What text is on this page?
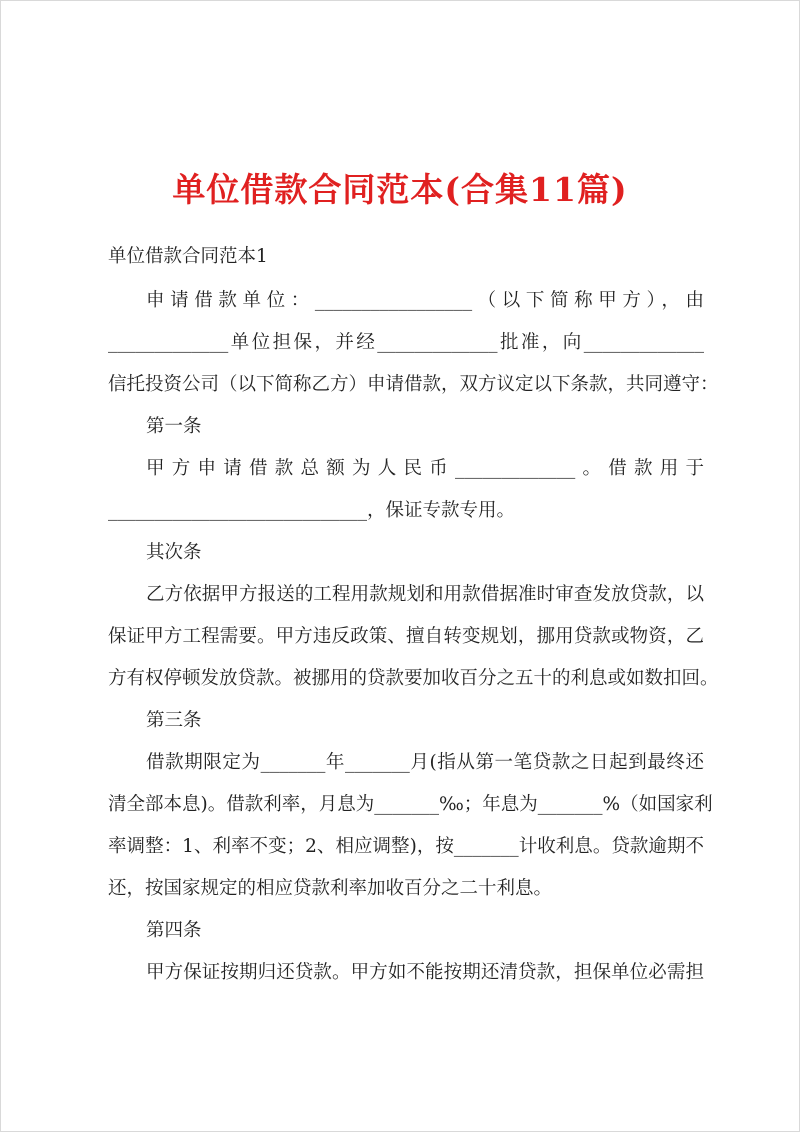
单位借款合同范本(合集11篇)
单位借款合同范本1
申请借款单位：_________________（以下简称甲方），由
_____________单位担保，并经_____________批准，向_____________
信托投资公司（以下简称乙方）申请借款，双方议定以下条款，共同遵守：
第一条
甲方申请借款总额为人民币_____________。借款用于
____________________________，保证专款专用。
其次条
乙方依据甲方报送的工程用款规划和用款借据准时审查发放贷款，以
保证甲方工程需要。甲方违反政策、擅自转变规划，挪用贷款或物资，乙
方有权停顿发放贷款。被挪用的贷款要加收百分之五十的利息或如数扣回。
第三条
借款期限定为_______年_______月(指从第一笔贷款之日起到最终还
清全部本息)。借款利率，月息为_______‰；年息为_______%（如国家利
率调整：1、利率不变；2、相应调整)，按_______计收利息。贷款逾期不
还，按国家规定的相应贷款利率加收百分之二十利息。
第四条
甲方保证按期归还贷款。甲方如不能按期还清贷款，担保单位必需担
